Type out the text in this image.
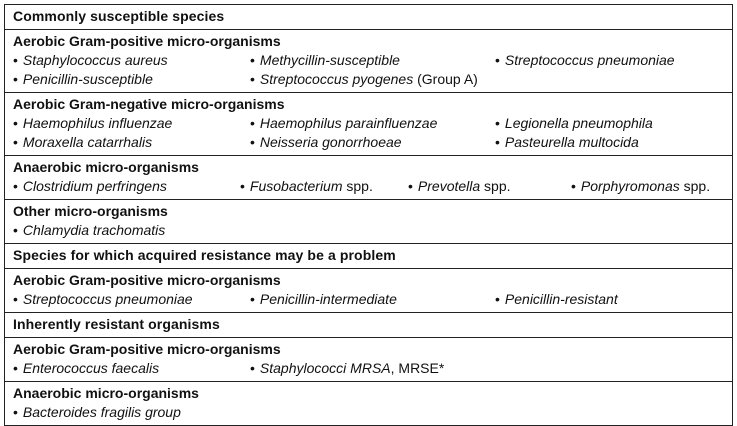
Commonly susceptible species

Aerobic Gram-positive micro-organisms
• Staphylococcus aureus	• Methycillin-susceptible	• Streptococcus pneumoniae
• Penicillin-susceptible	• Streptococcus pyogenes (Group A)

Aerobic Gram-negative micro-organisms
• Haemophilus influenzae	• Haemophilus parainfluenzae	• Legionella pneumophila
• Moraxella catarrhalis	• Neisseria gonorrhoeae	• Pasteurella multocida

Anaerobic micro-organisms
• Clostridium perfringens	• Fusobacterium spp.	• Prevotella spp.	• Porphyromonas spp.

Other micro-organisms
• Chlamydia trachomatis

Species for which acquired resistance may be a problem

Aerobic Gram-positive micro-organisms
• Streptococcus pneumoniae	• Penicillin-intermediate	• Penicillin-resistant

Inherently resistant organisms

Aerobic Gram-positive micro-organisms
• Enterococcus faecalis	• Staphylococci MRSA, MRSE*

Anaerobic micro-organisms
• Bacteroides fragilis group
